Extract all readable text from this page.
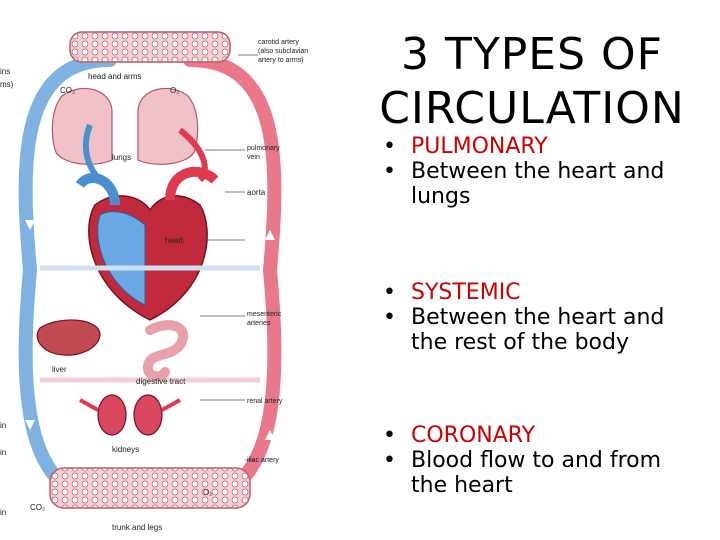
head and arms
carotid artery
(also subclavian
artery to arms)
lungs
pulmonary
vein
aorta
heart
mesenteric
arteries
liver
digestive tract
renal artery
kidneys
iliac artery
trunk and legs
CO₂	O₂
CO₂
O₂
ins
ms)
in
in
in
3 TYPES OF
CIRCULATION
• PULMONARY
• Between the heart and
lungs
• SYSTEMIC
• Between the heart and
the rest of the body
• CORONARY
• Blood flow to and from
the heart
